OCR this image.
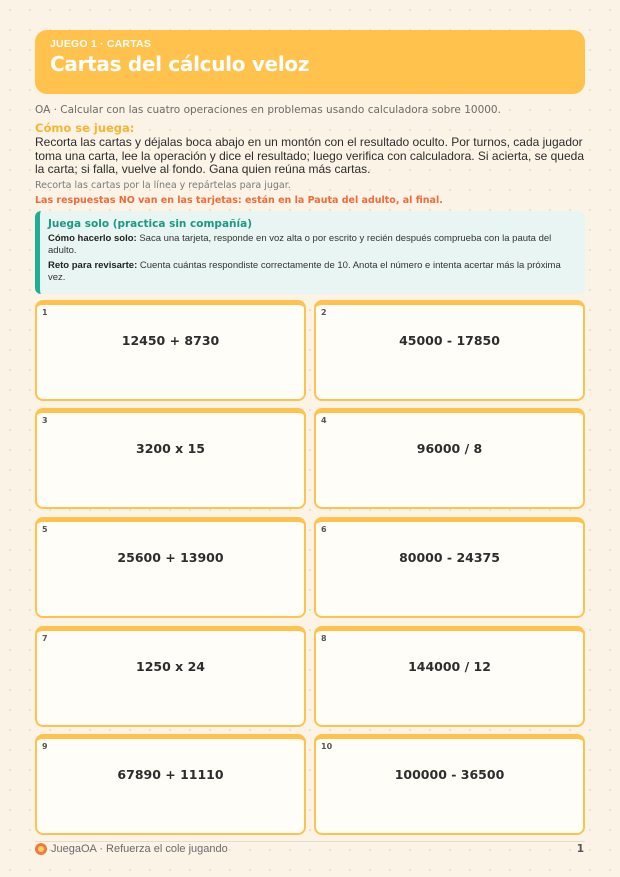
JUEGO 1 · CARTAS
Cartas del cálculo veloz
OA · Calcular con las cuatro operaciones en problemas usando calculadora sobre 10000.
Cómo se juega:
Recorta las cartas y déjalas boca abajo en un montón con el resultado oculto. Por turnos, cada jugador toma una carta, lee la operación y dice el resultado; luego verifica con calculadora. Si acierta, se queda la carta; si falla, vuelve al fondo. Gana quien reúna más cartas.
Recorta las cartas por la línea y repártelas para jugar.
Las respuestas NO van en las tarjetas: están en la Pauta del adulto, al final.
Juega solo (practica sin compañía)

Cómo hacerlo solo: Saca una tarjeta, responde en voz alta o por escrito y recién después comprueba con la pauta del adulto.

Reto para revisarte: Cuenta cuántas respondiste correctamente de 10. Anota el número e intenta acertar más la próxima vez.

1
12450 + 8730
2
45000 - 17850
3
3200 x 15
4
96000 / 8
5
25600 + 13900
6
80000 - 24375
7
1250 x 24
8
144000 / 12
9
67890 + 11110
10
100000 - 36500
JuegaOA · Refuerza el cole jugando	1
